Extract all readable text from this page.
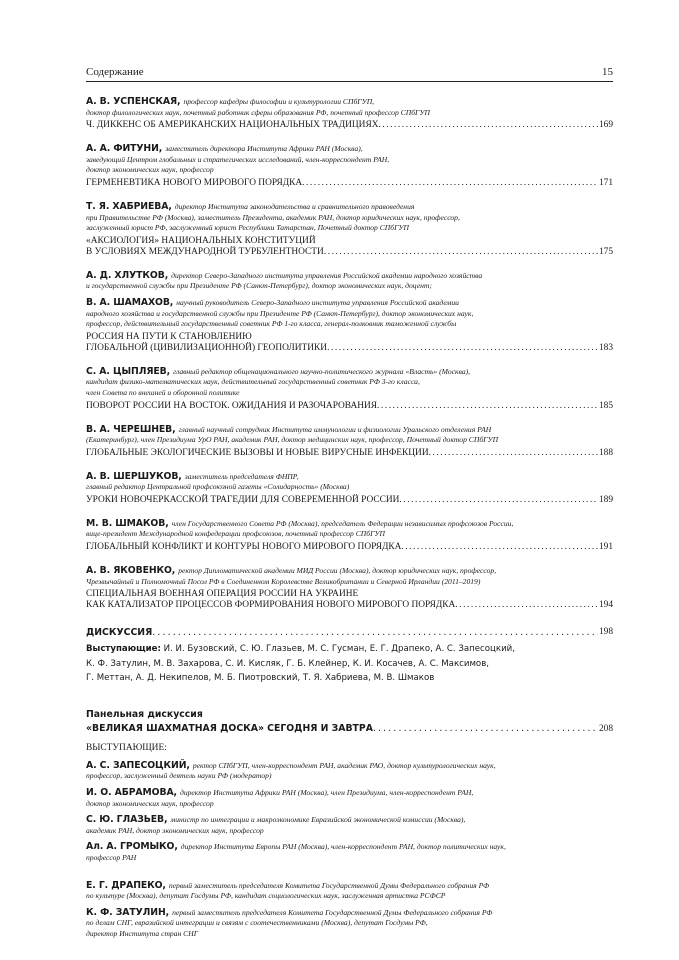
Содержание	15
А. В. УСПЕНСКАЯ, профессор кафедры философии и культурологии СПбГУП,
доктор филологических наук, почетный работник сферы образования РФ, почетный профессор СПбГУП
Ч. ДИККЕНС ОБ АМЕРИКАНСКИХ НАЦИОНАЛЬНЫХ ТРАДИЦИЯХ . . .	169
А. А. ФИТУНИ, заместитель директора Института Африки РАН (Москва),
заведующий Центром глобальных и стратегических исследований, член-корреспондент РАН,
доктор экономических наук, профессор
ГЕРМЕНЕВТИКА НОВОГО МИРОВОГО ПОРЯДКА . . .	171
Т. Я. ХАБРИЕВА, директор Института законодательства и сравнительного правоведения
при Правительстве РФ (Москва), заместитель Президента, академик РАН, доктор юридических наук, профессор,
заслуженный юрист РФ, заслуженный юрист Республики Татарстан, Почетный доктор СПбГУП
«АКСИОЛОГИЯ» НАЦИОНАЛЬНЫХ КОНСТИТУЦИЙ
В УСЛОВИЯХ МЕЖДУНАРОДНОЙ ТУРБУЛЕНТНОСТИ . . .	175
А. Д. ХЛУТКОВ, директор Северо-Западного института управления Российской академии народного хозяйства
и государственной службы при Президенте РФ (Санкт-Петербург), доктор экономических наук, доцент;
В. А. ШАМАХОВ, научный руководитель Северо-Западного института управления Российской академии
народного хозяйства и государственной службы при Президенте РФ (Санкт-Петербург), доктор экономических наук,
профессор, действительный государственный советник РФ 1-го класса, генерал-полковник таможенной службы
РОССИЯ НА ПУТИ К СТАНОВЛЕНИЮ
ГЛОБАЛЬНОЙ (ЦИВИЛИЗАЦИОННОЙ) ГЕОПОЛИТИКИ . . .	183
С. А. ЦЫПЛЯЕВ, главный редактор общенационального научно-политического журнала «Власть» (Москва),
кандидат физико-математических наук, действительный государственный советник РФ 3-го класса,
член Совета по внешней и оборонной политике
ПОВОРОТ РОССИИ НА ВОСТОК. ОЖИДАНИЯ И РАЗОЧАРОВАНИЯ . . .	185
В. А. ЧЕРЕШНЕВ, главный научный сотрудник Института иммунологии и физиологии Уральского отделения РАН
(Екатеринбург), член Президиума УрО РАН, академик РАН, доктор медицинских наук, профессор, Почетный доктор СПбГУП
ГЛОБАЛЬНЫЕ ЭКОЛОГИЧЕСКИЕ ВЫЗОВЫ И НОВЫЕ ВИРУСНЫЕ ИНФЕКЦИИ . . .	188
А. В. ШЕРШУКОВ, заместитель председателя ФНПР,
главный редактор Центральной профсоюзной газеты «Солидарность» (Москва)
УРОКИ НОВОЧЕРКАССКОЙ ТРАГЕДИИ ДЛЯ СОВЕРЕМЕННОЙ РОССИИ . . .	189
М. В. ШМАКОВ, член Государственного Совета РФ (Москва), председатель Федерации независимых профсоюзов России,
вице-президент Международной конфедерации профсоюзов, почетный профессор СПбГУП
ГЛОБАЛЬНЫЙ КОНФЛИКТ И КОНТУРЫ НОВОГО МИРОВОГО ПОРЯДКА . . .	191
А. В. ЯКОВЕНКО, ректор Дипломатической академии МИД России (Москва), доктор юридических наук, профессор,
Чрезвычайный и Полномочный Посол РФ в Соединенном Королевстве Великобритании и Северной Ирландии (2011–2019)
СПЕЦИАЛЬНАЯ ВОЕННАЯ ОПЕРАЦИЯ РОССИИ НА УКРАИНЕ
КАК КАТАЛИЗАТОР ПРОЦЕССОВ ФОРМИРОВАНИЯ НОВОГО МИРОВОГО ПОРЯДКА . . .	194
ДИСКУССИЯ . . .	198
Выступающие: И. И. Бузовский, С. Ю. Глазьев, М. С. Гусман, Е. Г. Драпеко, А. С. Запесоцкий,
К. Ф. Затулин, М. В. Захарова, С. И. Кисляк, Г. Б. Клейнер, К. И. Косачев, А. С. Максимов,
Г. Меттан, А. Д. Некипелов, М. Б. Пиотровский, Т. Я. Хабриева, М. В. Шмаков
Панельная дискуссия
«ВЕЛИКАЯ ШАХМАТНАЯ ДОСКА» СЕГОДНЯ И ЗАВТРА . . .	208
ВЫСТУПАЮЩИЕ:
А. С. ЗАПЕСОЦКИЙ, ректор СПбГУП, член-корреспондент РАН, академик РАО, доктор культурологических наук,
профессор, заслуженный деятель науки РФ (модератор)
И. О. АБРАМОВА, директор Института Африки РАН (Москва), член Президиума, член-корреспондент РАН,
доктор экономических наук, профессор
С. Ю. ГЛАЗЬЕВ, министр по интеграции и макроэкономике Евразийской экономической комиссии (Москва),
академик РАН, доктор экономических наук, профессор
Ал. А. ГРОМЫКО, директор Института Европы РАН (Москва), член-корреспондент РАН, доктор политических наук,
профессор РАН
Е. Г. ДРАПЕКО, первый заместитель председателя Комитета Государственной Думы Федерального собрания РФ
по культуре (Москва), депутат Госдумы РФ, кандидат социологических наук, заслуженная артистка РСФСР
К. Ф. ЗАТУЛИН, первый заместитель председателя Комитета Государственной Думы Федерального собрания РФ
по делам СНГ, евразийской интеграции и связям с соотечественниками (Москва), депутат Госдумы РФ,
директор Института стран СНГ
